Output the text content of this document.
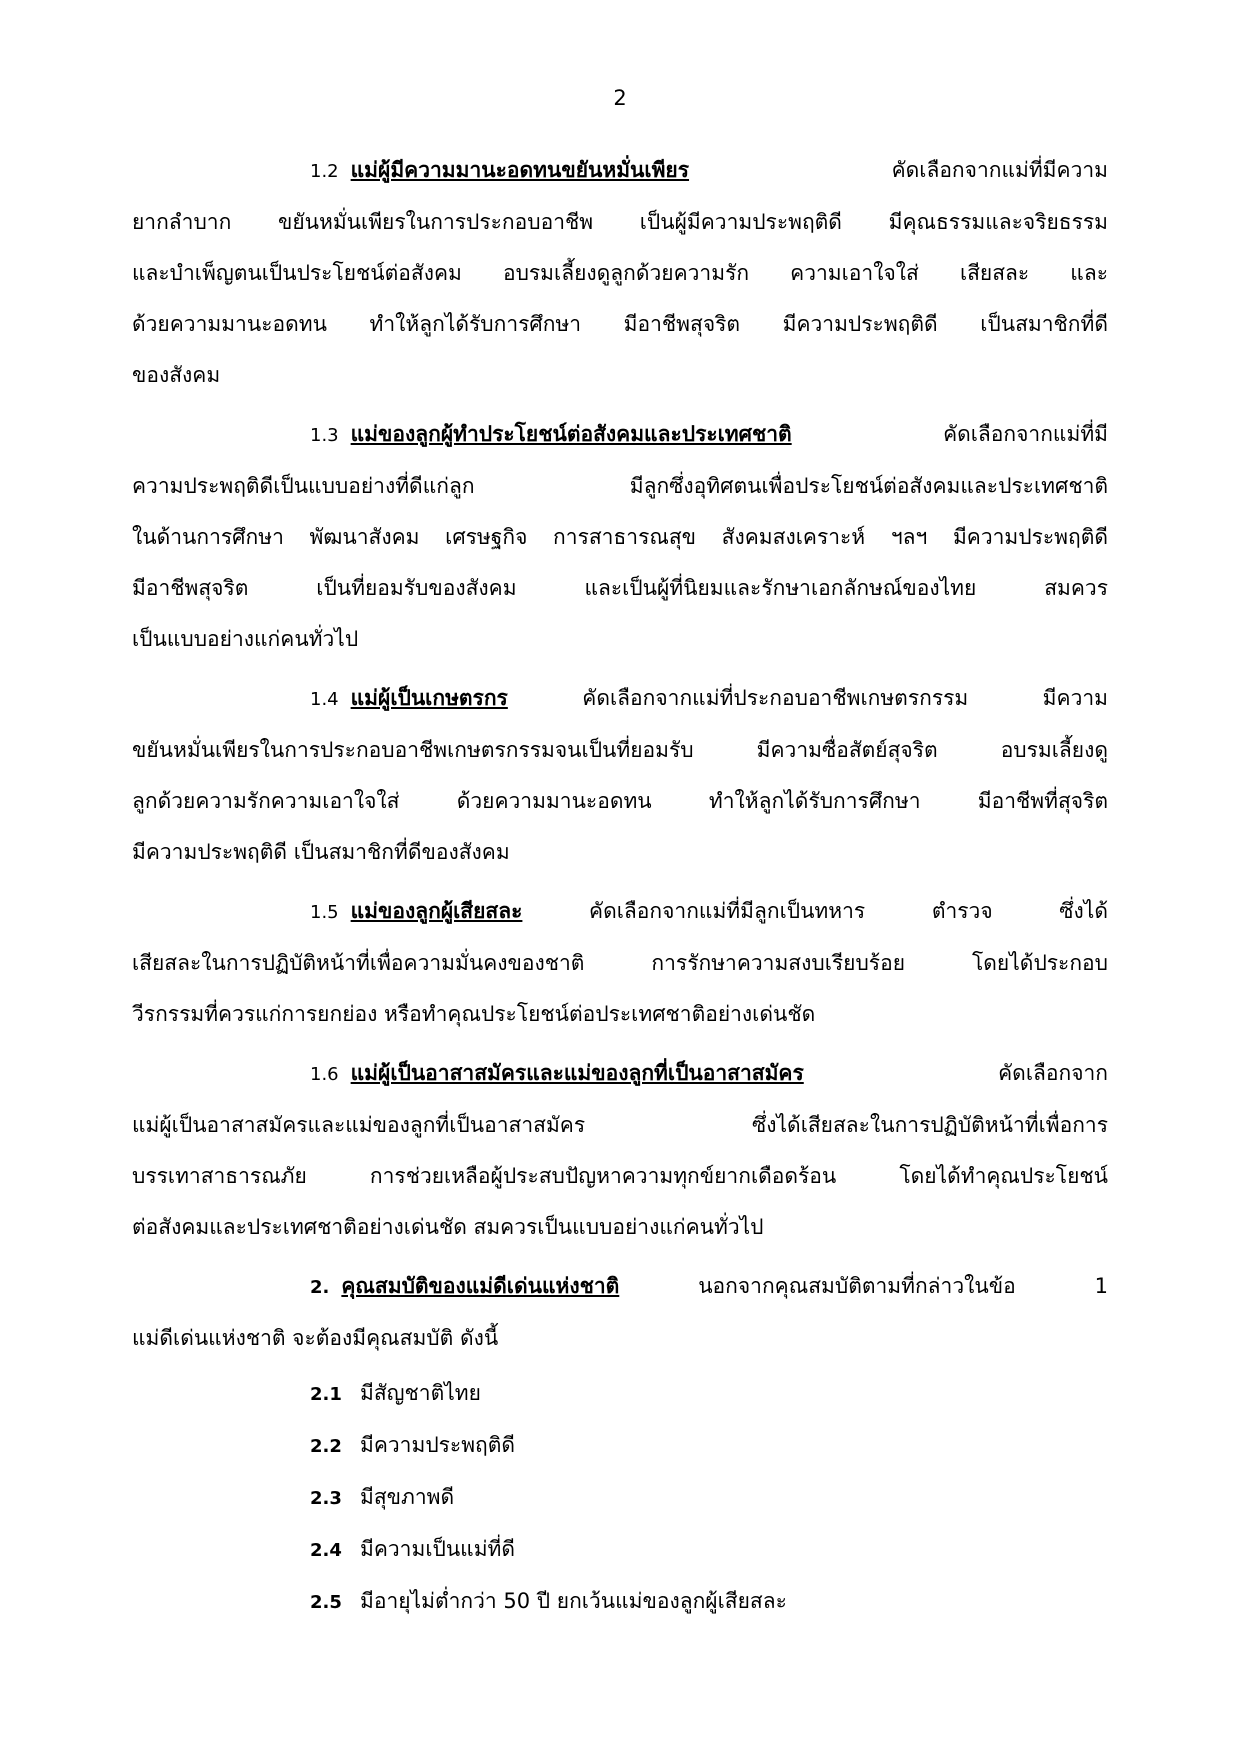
2
1.2 แม่ผู้มีความมานะอดทนขยันหมั่นเพียร คัดเลือกจากแม่ที่มีความ
ยากลำบาก ขยันหมั่นเพียรในการประกอบอาชีพ เป็นผู้มีความประพฤติดี มีคุณธรรมและจริยธรรม
และบำเพ็ญตนเป็นประโยชน์ต่อสังคม อบรมเลี้ยงดูลูกด้วยความรัก ความเอาใจใส่ เสียสละ และ
ด้วยความมานะอดทน ทำให้ลูกได้รับการศึกษา มีอาชีพสุจริต มีความประพฤติดี เป็นสมาชิกที่ดี
ของสังคม
1.3 แม่ของลูกผู้ทำประโยชน์ต่อสังคมและประเทศชาติ คัดเลือกจากแม่ที่มี
ความประพฤติดีเป็นแบบอย่างที่ดีแก่ลูก มีลูกซึ่งอุทิศตนเพื่อประโยชน์ต่อสังคมและประเทศชาติ
ในด้านการศึกษา พัฒนาสังคม เศรษฐกิจ การสาธารณสุข สังคมสงเคราะห์ ฯลฯ มีความประพฤติดี
มีอาชีพสุจริต เป็นที่ยอมรับของสังคม และเป็นผู้ที่นิยมและรักษาเอกลักษณ์ของไทย สมควร
เป็นแบบอย่างแก่คนทั่วไป
1.4 แม่ผู้เป็นเกษตรกร คัดเลือกจากแม่ที่ประกอบอาชีพเกษตรกรรม มีความ
ขยันหมั่นเพียรในการประกอบอาชีพเกษตรกรรมจนเป็นที่ยอมรับ มีความซื่อสัตย์สุจริต อบรมเลี้ยงดู
ลูกด้วยความรักความเอาใจใส่ ด้วยความมานะอดทน ทำให้ลูกได้รับการศึกษา มีอาชีพที่สุจริต
มีความประพฤติดี เป็นสมาชิกที่ดีของสังคม
1.5 แม่ของลูกผู้เสียสละ คัดเลือกจากแม่ที่มีลูกเป็นทหาร ตำรวจ ซึ่งได้
เสียสละในการปฏิบัติหน้าที่เพื่อความมั่นคงของชาติ การรักษาความสงบเรียบร้อย โดยได้ประกอบ
วีรกรรมที่ควรแก่การยกย่อง หรือทำคุณประโยชน์ต่อประเทศชาติอย่างเด่นชัด
1.6 แม่ผู้เป็นอาสาสมัครและแม่ของลูกที่เป็นอาสาสมัคร คัดเลือกจาก
แม่ผู้เป็นอาสาสมัครและแม่ของลูกที่เป็นอาสาสมัคร ซึ่งได้เสียสละในการปฏิบัติหน้าที่เพื่อการ
บรรเทาสาธารณภัย การช่วยเหลือผู้ประสบปัญหาความทุกข์ยากเดือดร้อน โดยได้ทำคุณประโยชน์
ต่อสังคมและประเทศชาติอย่างเด่นชัด สมควรเป็นแบบอย่างแก่คนทั่วไป
2. คุณสมบัติของแม่ดีเด่นแห่งชาติ นอกจากคุณสมบัติตามที่กล่าวในข้อ 1
แม่ดีเด่นแห่งชาติ จะต้องมีคุณสมบัติ ดังนี้
2.1 มีสัญชาติไทย
2.2 มีความประพฤติดี
2.3 มีสุขภาพดี
2.4 มีความเป็นแม่ที่ดี
2.5 มีอายุไม่ต่ำกว่า 50 ปี ยกเว้นแม่ของลูกผู้เสียสละ
